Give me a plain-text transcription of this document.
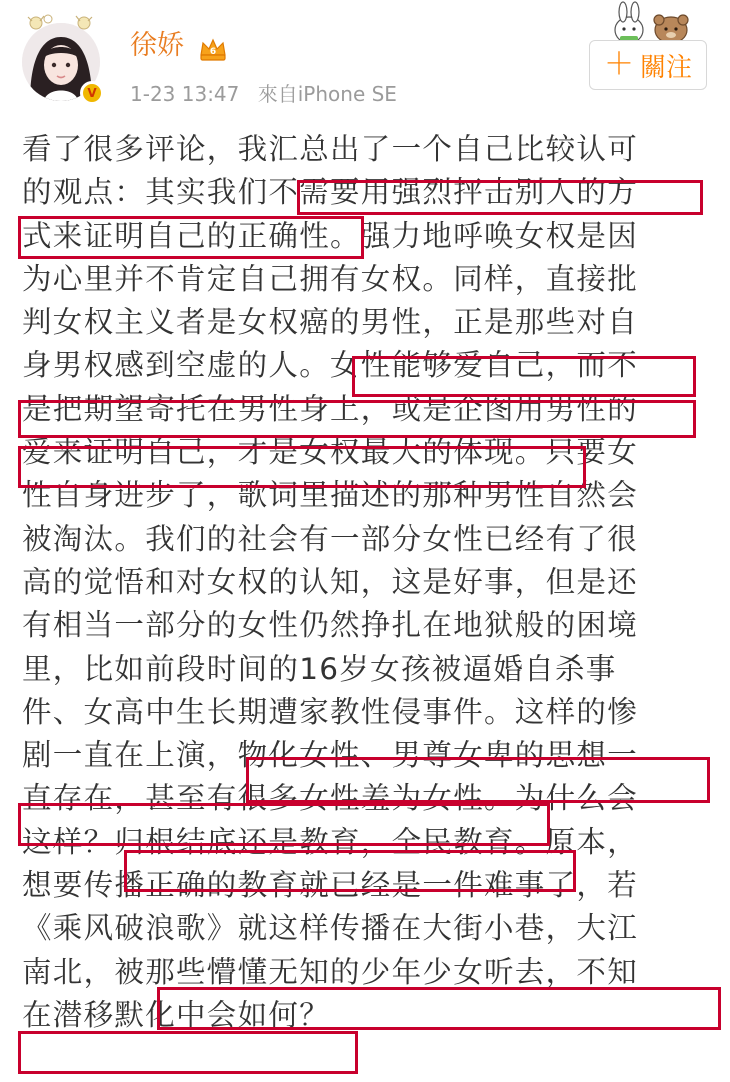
V
徐娇	6
1-23 13:47 來自iPhone SE
＋ 關注
看了很多评论，我汇总出了一个自己比较认可
的观点：其实我们不需要用强烈抨击别人的方
式来证明自己的正确性。强力地呼唤女权是因
为心里并不肯定自己拥有女权。同样，直接批
判女权主义者是女权癌的男性，正是那些对自
身男权感到空虚的人。女性能够爱自己，而不
是把期望寄托在男性身上，或是企图用男性的
爱来证明自己，才是女权最大的体现。只要女
性自身进步了，歌词里描述的那种男性自然会
被淘汰。我们的社会有一部分女性已经有了很
高的觉悟和对女权的认知，这是好事，但是还
有相当一部分的女性仍然挣扎在地狱般的困境
里，比如前段时间的16岁女孩被逼婚自杀事
件、女高中生长期遭家教性侵事件。这样的惨
剧一直在上演，物化女性、男尊女卑的思想一
直存在，甚至有很多女性羞为女性。为什么会
这样？归根结底还是教育，全民教育。原本，
想要传播正确的教育就已经是一件难事了，若
《乘风破浪歌》就这样传播在大街小巷，大江
南北，被那些懵懂无知的少年少女听去，不知
在潜移默化中会如何？
